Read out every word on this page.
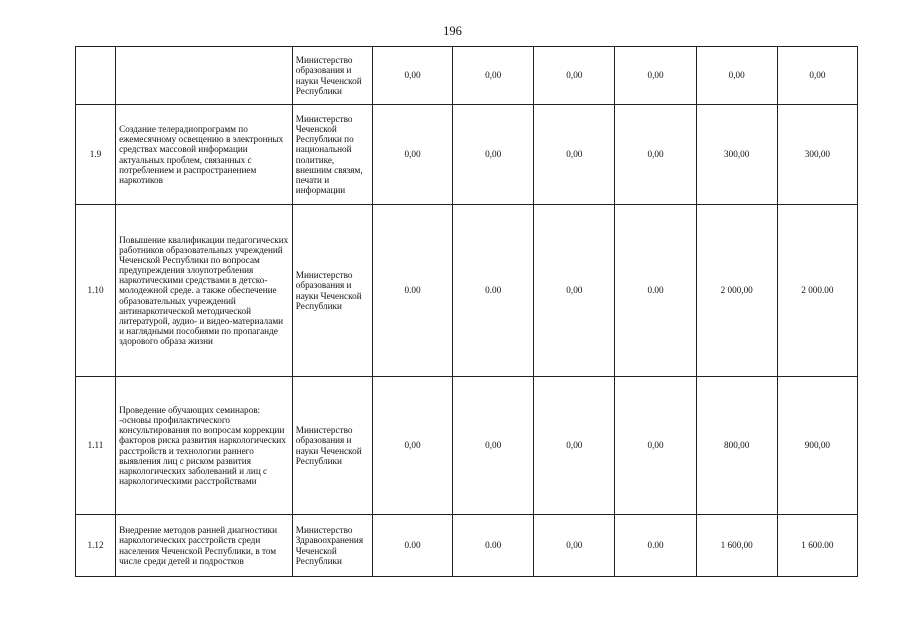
196
		Министерство образования и науки Чеченской Республики	0,00	0,00	0,00	0,00	0,00	0,00
1.9	Создание телерадиопрограмм по ежемесячному освещению в электронных средствах массовой информации актуальных проблем, связанных с потреблением и распространением наркотиков	Министерство Чеченской Республики по национальной политике, внешним связям, печати и информации	0,00	0,00	0,00	0,00	300,00	300,00
1.10	Повышение квалификации педагогических работников образовательных учреждений Чеченской Республики по вопросам предупреждения злоупотребления наркотическими средствами в детско-молодежной среде. а также обеспечение образовательных учреждений антинаркотической методической литературой, аудио- и видео-материалами и наглядными пособиями по пропаганде здорового образа жизни	Министерство образования и науки Чеченской Республики	0.00	0.00	0,00	0.00	2 000,00	2 000.00
1.11	Проведение обучающих семинаров: -основы профилактического консультирования по вопросам коррекции факторов риска развития наркологических расстройств и технологии раннего выявления лиц с риском развития наркологических заболеваний и лиц с наркологическими расстройствами	Министерство образования и науки Чеченской Республики	0,00	0,00	0,00	0,00	800,00	900,00
1.12	Внедрение методов ранней диагностики наркологических расстройств среди населения Чеченской Республики, в том числе среди детей и подростков	Министерство Здравоохранения Чеченской Республики	0.00	0.00	0,00	0.00	1 600,00	1 600.00
